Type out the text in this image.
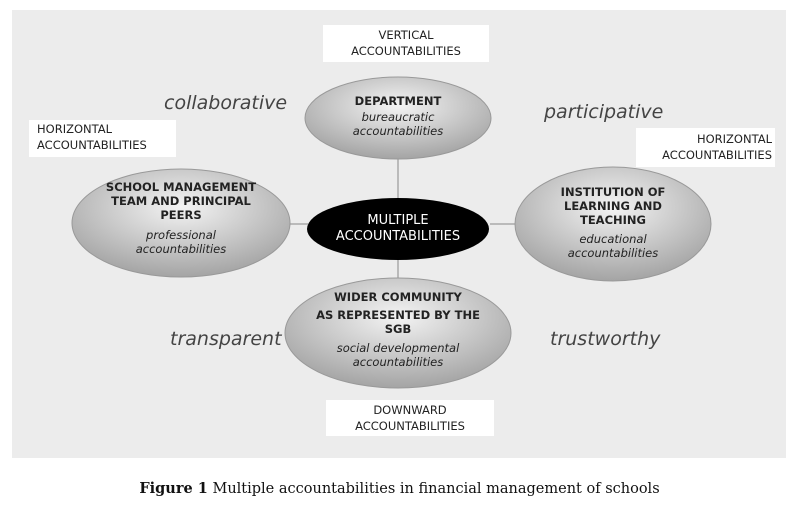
VERTICAL
ACCOUNTABILITIES
HORIZONTAL
ACCOUNTABILITIES	HORIZONTAL
ACCOUNTABILITIES
DOWNWARD
ACCOUNTABILITIES
collaborative	participative
transparent	trustworthy
DEPARTMENT
bureaucratic
accountabilities
SCHOOL MANAGEMENT
TEAM AND PRINCIPAL
PEERS
professional
accountabilities
INSTITUTION OF
LEARNING AND
TEACHING
educational
accountabilities
WIDER COMMUNITY
AS REPRESENTED BY THE
SGB
social developmental
accountabilities
MULTIPLE
ACCOUNTABILITIES
Figure 1 Multiple accountabilities in financial management of schools
